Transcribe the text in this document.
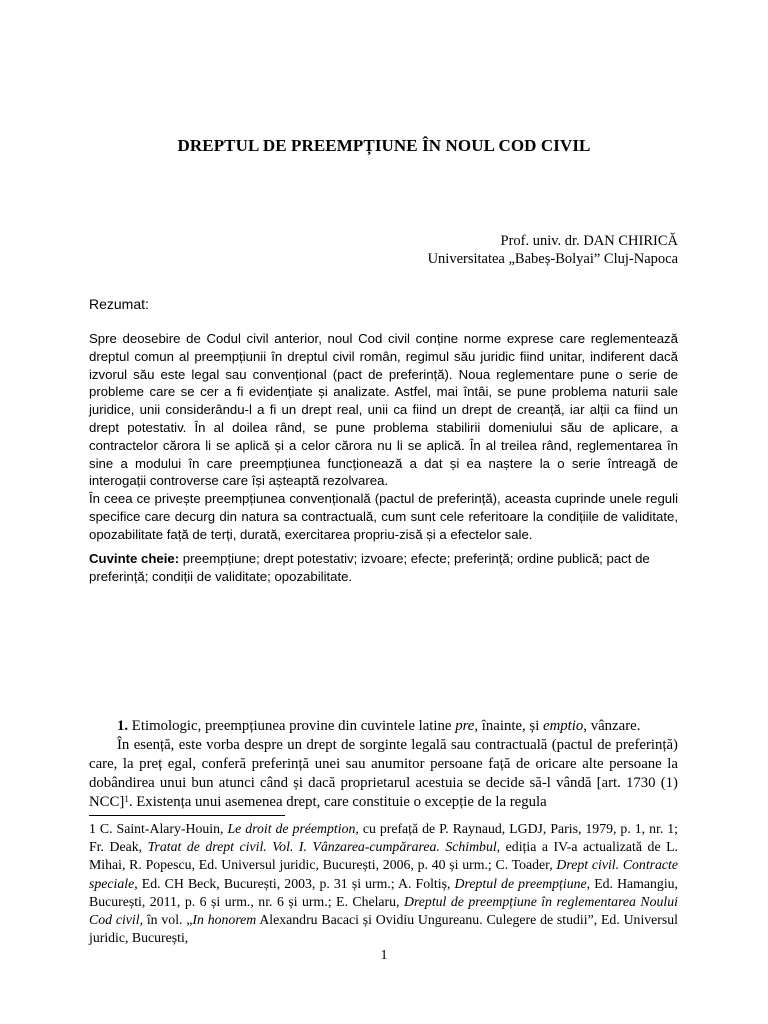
DREPTUL DE PREEMPȚIUNE ÎN NOUL COD CIVIL
Prof. univ. dr. DAN CHIRICĂ
Universitatea „Babeș-Bolyai” Cluj-Napoca
Rezumat:

Spre deosebire de Codul civil anterior, noul Cod civil conține norme exprese care reglementează dreptul comun al preempțiunii în dreptul civil român, regimul său juridic fiind unitar, indiferent dacă izvorul său este legal sau convențional (pact de preferință). Noua reglementare pune o serie de probleme care se cer a fi evidențiate și analizate. Astfel, mai întâi, se pune problema naturii sale juridice, unii considerându-l a fi un drept real, unii ca fiind un drept de creanță, iar alții ca fiind un drept potestativ. În al doilea rând, se pune problema stabilirii domeniului său de aplicare, a contractelor cărora li se aplică și a celor cărora nu li se aplică. În al treilea rând, reglementarea în sine a modului în care preempțiunea funcționează a dat și ea naștere la o serie întreagă de interogații controverse care își așteaptă rezolvarea.

În ceea ce privește preempțiunea convențională (pactul de preferință), aceasta cuprinde unele reguli specifice care decurg din natura sa contractuală, cum sunt cele referitoare la condițiile de validitate, opozabilitate față de terți, durată, exercitarea propriu-zisă și a efectelor sale.

Cuvinte cheie: preempțiune; drept potestativ; izvoare; efecte; preferință; ordine publică; pact de preferință; condiții de validitate; opozabilitate.

1. Etimologic, preempțiunea provine din cuvintele latine pre, înainte, și emptio, vânzare.

În esență, este vorba despre un drept de sorginte legală sau contractuală (pactul de preferință) care, la preț egal, conferă preferință unei sau anumitor persoane față de oricare alte persoane la dobândirea unui bun atunci când și dacă proprietarul acestuia se decide să-l vândă [art. 1730 (1) NCC]$^1$. Existența unui asemenea drept, care constituie o excepție de la regula

1 C. Saint-Alary-Houin, Le droit de préemption, cu prefață de P. Raynaud, LGDJ, Paris, 1979, p. 1, nr. 1; Fr. Deak, Tratat de drept civil. Vol. I. Vânzarea-cumpărarea. Schimbul, ediția a IV-a actualizată de L. Mihai, R. Popescu, Ed. Universul juridic, București, 2006, p. 40 și urm.; C. Toader, Drept civil. Contracte speciale, Ed. CH Beck, București, 2003, p. 31 și urm.; A. Foltiș, Dreptul de preempțiune, Ed. Hamangiu, București, 2011, p. 6 și urm., nr. 6 și urm.; E. Chelaru, Dreptul de preempțiune în reglementarea Noului Cod civil, în vol. „In honorem Alexandru Bacaci și Ovidiu Ungureanu. Culegere de studii”, Ed. Universul juridic, București,
1
